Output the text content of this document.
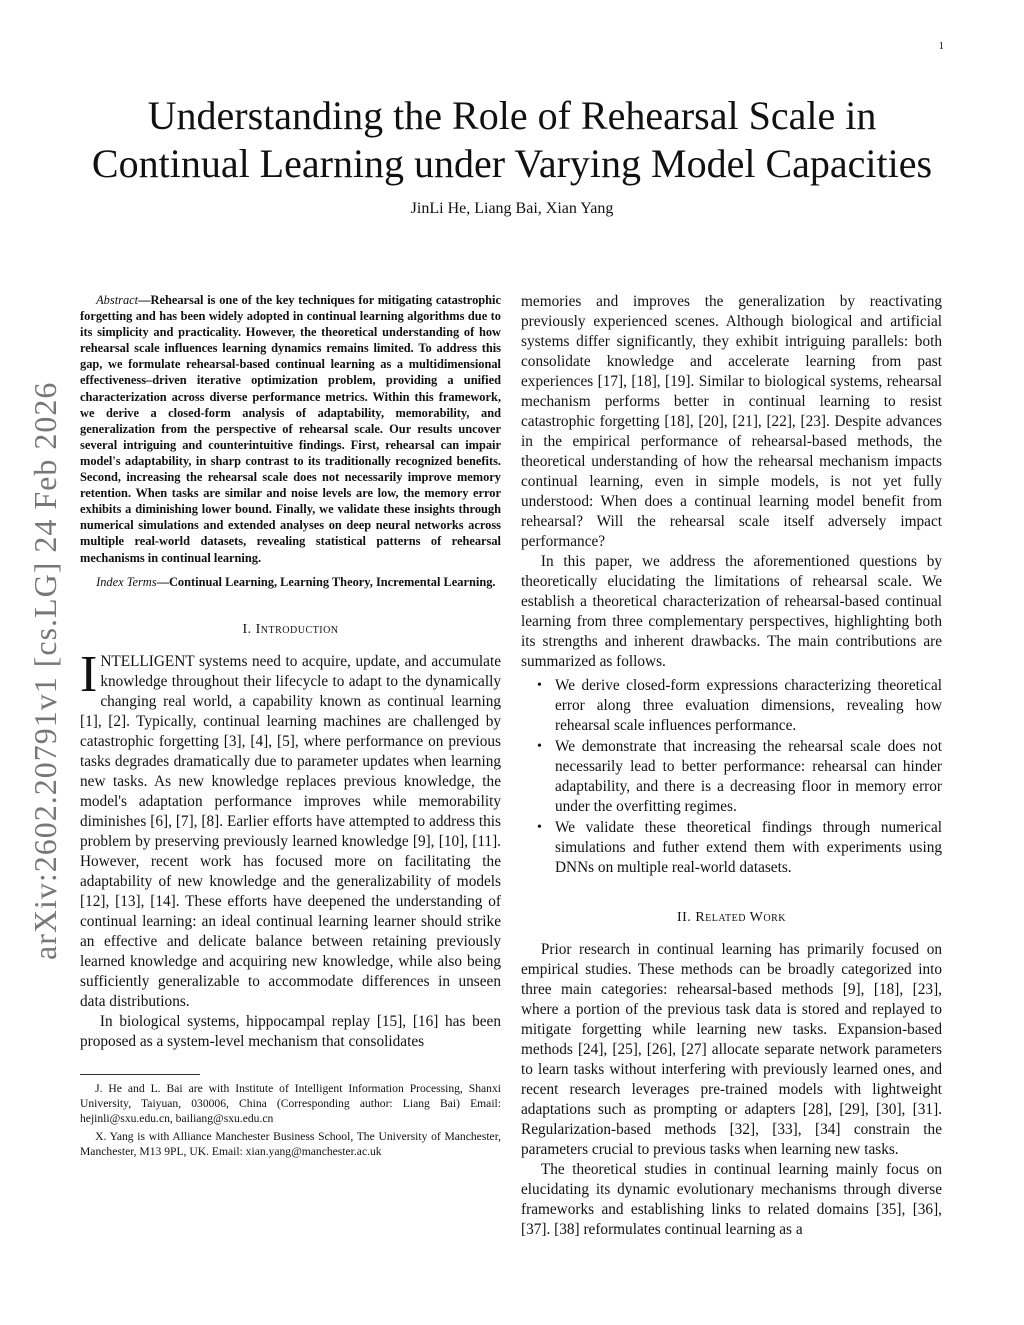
1
Understanding the Role of Rehearsal Scale in
Continual Learning under Varying Model Capacities
JinLi He, Liang Bai, Xian Yang
arXiv:2602.20791v1 [cs.LG] 24 Feb 2026

Abstract—Rehearsal is one of the key techniques for mitigating catastrophic forgetting and has been widely adopted in continual learning algorithms due to its simplicity and practicality. However, the theoretical understanding of how rehearsal scale influences learning dynamics remains limited. To address this gap, we formulate rehearsal-based continual learning as a multidimensional effectiveness–driven iterative optimization problem, providing a unified characterization across diverse performance metrics. Within this framework, we derive a closed-form analysis of adaptability, memorability, and generalization from the perspective of rehearsal scale. Our results uncover several intriguing and counterintuitive findings. First, rehearsal can impair model's adaptability, in sharp contrast to its traditionally recognized benefits. Second, increasing the rehearsal scale does not necessarily improve memory retention. When tasks are similar and noise levels are low, the memory error exhibits a diminishing lower bound. Finally, we validate these insights through numerical simulations and extended analyses on deep neural networks across multiple real-world datasets, revealing statistical patterns of rehearsal mechanisms in continual learning.

Index Terms—Continual Learning, Learning Theory, Incremental Learning.

I. Introduction

INTELLIGENT systems need to acquire, update, and accumulate knowledge throughout their lifecycle to adapt to the dynamically changing real world, a capability known as continual learning [1], [2]. Typically, continual learning machines are challenged by catastrophic forgetting [3], [4], [5], where performance on previous tasks degrades dramatically due to parameter updates when learning new tasks. As new knowledge replaces previous knowledge, the model's adaptation performance improves while memorability diminishes [6], [7], [8]. Earlier efforts have attempted to address this problem by preserving previously learned knowledge [9], [10], [11]. However, recent work has focused more on facilitating the adaptability of new knowledge and the generalizability of models [12], [13], [14]. These efforts have deepened the understanding of continual learning: an ideal continual learning learner should strike an effective and delicate balance between retaining previously learned knowledge and acquiring new knowledge, while also being sufficiently generalizable to accommodate differences in unseen data distributions.

In biological systems, hippocampal replay [15], [16] has been proposed as a system-level mechanism that consolidates

J. He and L. Bai are with Institute of Intelligent Information Processing, Shanxi University, Taiyuan, 030006, China (Corresponding author: Liang Bai) Email: hejinli@sxu.edu.cn, bailiang@sxu.edu.cn

X. Yang is with Alliance Manchester Business School, The University of Manchester, Manchester, M13 9PL, UK. Email: xian.yang@manchester.ac.uk

memories and improves the generalization by reactivating previously experienced scenes. Although biological and artificial systems differ significantly, they exhibit intriguing parallels: both consolidate knowledge and accelerate learning from past experiences [17], [18], [19]. Similar to biological systems, rehearsal mechanism performs better in continual learning to resist catastrophic forgetting [18], [20], [21], [22], [23]. Despite advances in the empirical performance of rehearsal-based methods, the theoretical understanding of how the rehearsal mechanism impacts continual learning, even in simple models, is not yet fully understood: When does a continual learning model benefit from rehearsal? Will the rehearsal scale itself adversely impact performance?

In this paper, we address the aforementioned questions by theoretically elucidating the limitations of rehearsal scale. We establish a theoretical characterization of rehearsal-based continual learning from three complementary perspectives, highlighting both its strengths and inherent drawbacks. The main contributions are summarized as follows.

• We derive closed-form expressions characterizing theoretical error along three evaluation dimensions, revealing how rehearsal scale influences performance.
• We demonstrate that increasing the rehearsal scale does not necessarily lead to better performance: rehearsal can hinder adaptability, and there is a decreasing floor in memory error under the overfitting regimes.
• We validate these theoretical findings through numerical simulations and futher extend them with experiments using DNNs on multiple real-world datasets.
II. Related Work

Prior research in continual learning has primarily focused on empirical studies. These methods can be broadly categorized into three main categories: rehearsal-based methods [9], [18], [23], where a portion of the previous task data is stored and replayed to mitigate forgetting while learning new tasks. Expansion-based methods [24], [25], [26], [27] allocate separate network parameters to learn tasks without interfering with previously learned ones, and recent research leverages pre-trained models with lightweight adaptations such as prompting or adapters [28], [29], [30], [31]. Regularization-based methods [32], [33], [34] constrain the parameters crucial to previous tasks when learning new tasks.

The theoretical studies in continual learning mainly focus on elucidating its dynamic evolutionary mechanisms through diverse frameworks and establishing links to related domains [35], [36], [37]. [38] reformulates continual learning as a
